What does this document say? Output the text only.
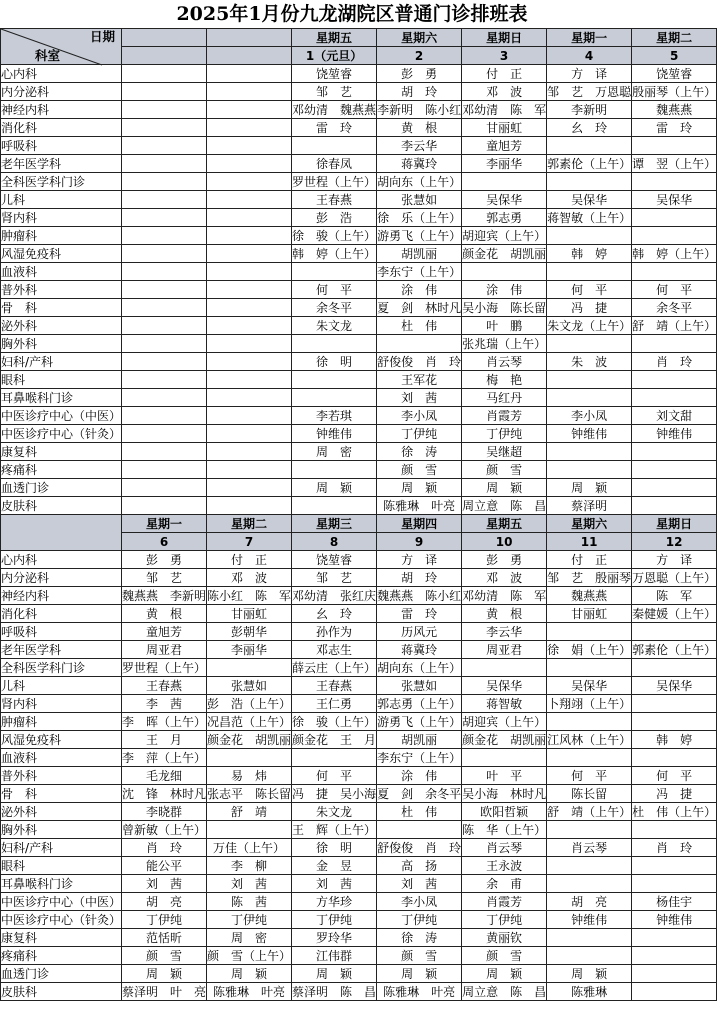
2025年1月份九龙湖院区普通门诊排班表
日期
科室			星期五	星期六	星期日	星期一	星期二
			1（元旦）	2	3	4	5
心内科			饶堃睿	彭　勇	付　正	方　译	饶堃睿
内分泌科			邹　艺	胡　玲	邓　波	邹　艺　万恩聪	殷丽琴（上午）
神经内科			邓幼清　魏燕燕	李新明　陈小红	邓幼清　陈　军	李新明	魏燕燕
消化科			雷　玲	黄　根	甘丽虹	幺　玲	雷　玲
呼吸科				李云华	童旭芳		
老年医学科			徐春凤	蒋冀玲	李丽华	郭素伦（上午）	谭　翌（上午）
全科医学科门诊			罗世程（上午）	胡向东（上午）			
儿科			王春燕	张慧如	吴保华	吴保华	吴保华
肾内科			彭　浩	徐　乐（上午）	郭志勇	蒋智敏（上午）	
肿瘤科			徐　骏（上午）	游勇飞（上午）	胡迎宾（上午）		
风湿免疫科			韩　婷（上午）	胡凯丽	颜金花　胡凯丽	韩　婷	韩　婷（上午）
血液科				李东宁（上午）			
普外科			何　平	涂　伟	涂　伟	何　平	何　平
骨　科			余冬平	夏　剑　林时凡	吴小海　陈长留	冯　捷	余冬平
泌外科			朱文龙	杜　伟	叶　鹏	朱文龙（上午）	舒　靖（上午）
胸外科					张兆瑞（上午）		
妇科/产科			徐　明	舒俊俊　肖　玲	肖云琴	朱　波	肖　玲
眼科				王军花	梅　艳		
耳鼻喉科门诊				刘　茜	马红丹		
中医诊疗中心（中医）			李若琪	李小凤	肖霞芳	李小凤	刘文甜
中医诊疗中心（针灸）			钟维伟	丁伊纯	丁伊纯	钟维伟	钟维伟
康复科			周　密	徐　涛	吴继超		
疼痛科				颜　雪	颜　雪		
血透门诊			周　颖	周　颖	周　颖	周　颖	
皮肤科				陈雅琳　叶亮	周立意　陈　昌	蔡泽明	
	星期一	星期二	星期三	星期四	星期五	星期六	星期日
	6	7	8	9	10	11	12
心内科	彭　勇	付　正	饶堃睿	方　译	彭　勇	付　正	方　译
内分泌科	邹　艺	邓　波	邹　艺	胡　玲	邓　波	邹　艺　殷丽琴	万恩聪（上午）
神经内科	魏燕燕　李新明	陈小红　陈　军	邓幼清　张红庆	魏燕燕　陈小红	邓幼清　陈　军	魏燕燕	陈　军
消化科	黄　根	甘丽虹	幺　玲	雷　玲	黄　根	甘丽虹	秦健媛（上午）
呼吸科	童旭芳	彭朝华	孙作为	历风元	李云华		
老年医学科	周亚君	李丽华	邓志生	蒋冀玲	周亚君	徐　娟（上午）	郭素伦（上午）
全科医学科门诊	罗世程（上午）		薛云庄（上午）	胡向东（上午）			
儿科	王春燕	张慧如	王春燕	张慧如	吴保华	吴保华	吴保华
肾内科	李　茜	彭　浩（上午）	王仁勇	郭志勇（上午）	蒋智敏	卜翔翊（上午）	
肿瘤科	李　晖（上午）	况昌范（上午）	徐　骏（上午）	游勇飞（上午）	胡迎宾（上午）		
风湿免疫科	王　月	颜金花　胡凯丽	颜金花　王　月	胡凯丽	颜金花　胡凯丽	江风林（上午）	韩　婷
血液科	李　萍（上午）			李东宁（上午）			
普外科	毛龙细	易　炜	何　平	涂　伟	叶　平	何　平	何　平
骨　科	沈　锋　林时凡	张志平　陈长留	冯　捷　吴小海	夏　剑　余冬平	吴小海　林时凡	陈长留	冯　捷
泌外科	李晓群	舒　靖	朱文龙	杜　伟	欧阳哲颖	舒　靖（上午）	杜　伟（上午）
胸外科	曾新敏（上午）		王　辉（上午）		陈　华（上午）		
妇科/产科	肖　玲	万佳（上午）	徐　明	舒俊俊　肖　玲	肖云琴	肖云琴	肖　玲
眼科	能公平	李　柳	金　昱	高　扬	王永波		
耳鼻喉科门诊	刘　茜	刘　茜	刘　茜	刘　茜	余　甫		
中医诊疗中心（中医）	胡　亮	陈　茜	方华珍	李小凤	肖霞芳	胡　亮	杨佳宇
中医诊疗中心（针灸）	丁伊纯	丁伊纯	丁伊纯	丁伊纯	丁伊纯	钟维伟	钟维伟
康复科	范恬昕	周　密	罗玲华	徐　涛	黄丽钦		
疼痛科	颜　雪	颜　雪（上午）	江伟群	颜　雪	颜　雪		
血透门诊	周　颖	周　颖	周　颖	周　颖	周　颖	周　颖	
皮肤科	蔡泽明　叶　亮	陈雅琳　叶亮	蔡泽明　陈　昌	陈雅琳　叶亮	周立意　陈　昌	陈雅琳	
